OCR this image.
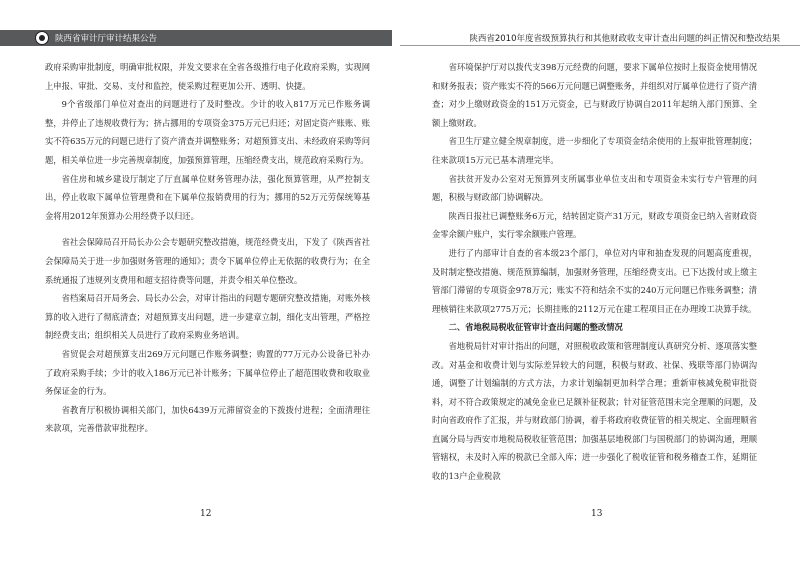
陕西省审计厅审计结果公告	陕西省2010年度省级预算执行和其他财政收支审计查出问题的纠正情况和整改结果

政府采购审批制度，明确审批权限，并发文要求在全省各级推行电子化政府采购，实现网上申报、审批、交易、支付和监控，使采购过程更加公开、透明、快捷。

9个省级部门单位对查出的问题进行了及时整改。少计的收入817万元已作账务调整，并停止了违规收费行为；挤占挪用的专项资金375万元已归还；对固定资产账账、账实不符635万元的问题已进行了资产清查并调整账务；对超预算支出、未经政府采购等问题，相关单位进一步完善规章制度，加强预算管理，压缩经费支出，规范政府采购行为。

省住房和城乡建设厅制定了厅直属单位财务管理办法，强化预算管理，从严控制支出，停止收取下属单位管理费和在下属单位报销费用的行为；挪用的52万元劳保统筹基金将用2012年预算办公用经费予以归还。

省社会保障局召开局长办公会专题研究整改措施，规范经费支出，下发了《陕西省社会保障局关于进一步加强财务管理的通知》；责令下属单位停止无依据的收费行为；在全系统通报了违规列支费用和超支招待费等问题，并责令相关单位整改。

省档案局召开局务会、局长办公会，对审计指出的问题专题研究整改措施，对账外核算的收入进行了彻底清查；对超预算支出问题，进一步建章立制，细化支出管理，严格控制经费支出；组织相关人员进行了政府采购业务培训。

省贸促会对超预算支出269万元问题已作账务调整；购置的77万元办公设备已补办了政府采购手续；少计的收入186万元已补计账务；下属单位停止了超范围收费和收取业务保证金的行为。

省教育厅积极协调相关部门，加快6439万元滞留资金的下拨拨付进程；全面清理往来款项，完善借款审批程序。

省环境保护厅对以拨代支398万元经费的问题，要求下属单位按时上报资金使用情况和财务报表；资产账实不符的566万元问题已调整账务，并组织对厅属单位进行了资产清查；对少上缴财政资金的151万元资金，已与财政厅协调自2011年起纳入部门预算、全额上缴财政。

省卫生厅建立健全规章制度，进一步细化了专项资金结余使用的上报审批管理制度；往来款项15万元已基本清理完毕。

省扶贫开发办公室对无预算列支所属事业单位支出和专项资金未实行专户管理的问题，积极与财政部门协调解决。

陕西日报社已调整账务6万元，结转固定资产31万元，财政专项资金已纳入省财政资金零余额户账户，实行零余额账户管理。

进行了内部审计自查的省本级23个部门，单位对内审和抽查发现的问题高度重视，及时制定整改措施、规范预算编制，加强财务管理，压缩经费支出。已下达拨付或上缴主管部门滞留的专项资金978万元；账实不符和结余不实的240万元问题已作账务调整；清理核销往来款项2775万元；长期挂账的2112万元在建工程项目正在办理竣工决算手续。

二、省地税局税收征管审计查出问题的整改情况

省地税局针对审计指出的问题，对照税收政策和管理制度认真研究分析、逐项落实整改。对基金和收费计划与实际差异较大的问题，积极与财政、社保、残联等部门协调沟通，调整了计划编制的方式方法，力求计划编制更加科学合理；重新审核减免税审批资料，对不符合政策规定的减免金业已足额补征税款；针对征管范围未完全理顺的问题，及时向省政府作了汇报，并与财政部门协调，着手将政府收费征管的相关规定、全面理顺省直属分局与西安市地税局税收征管范围；加强基层地税部门与国税部门的协调沟通，理顺管辖权，未及时入库的税款已全部入库；进一步强化了税收征管和税务稽查工作，延期征收的13户企业税款

12	13
